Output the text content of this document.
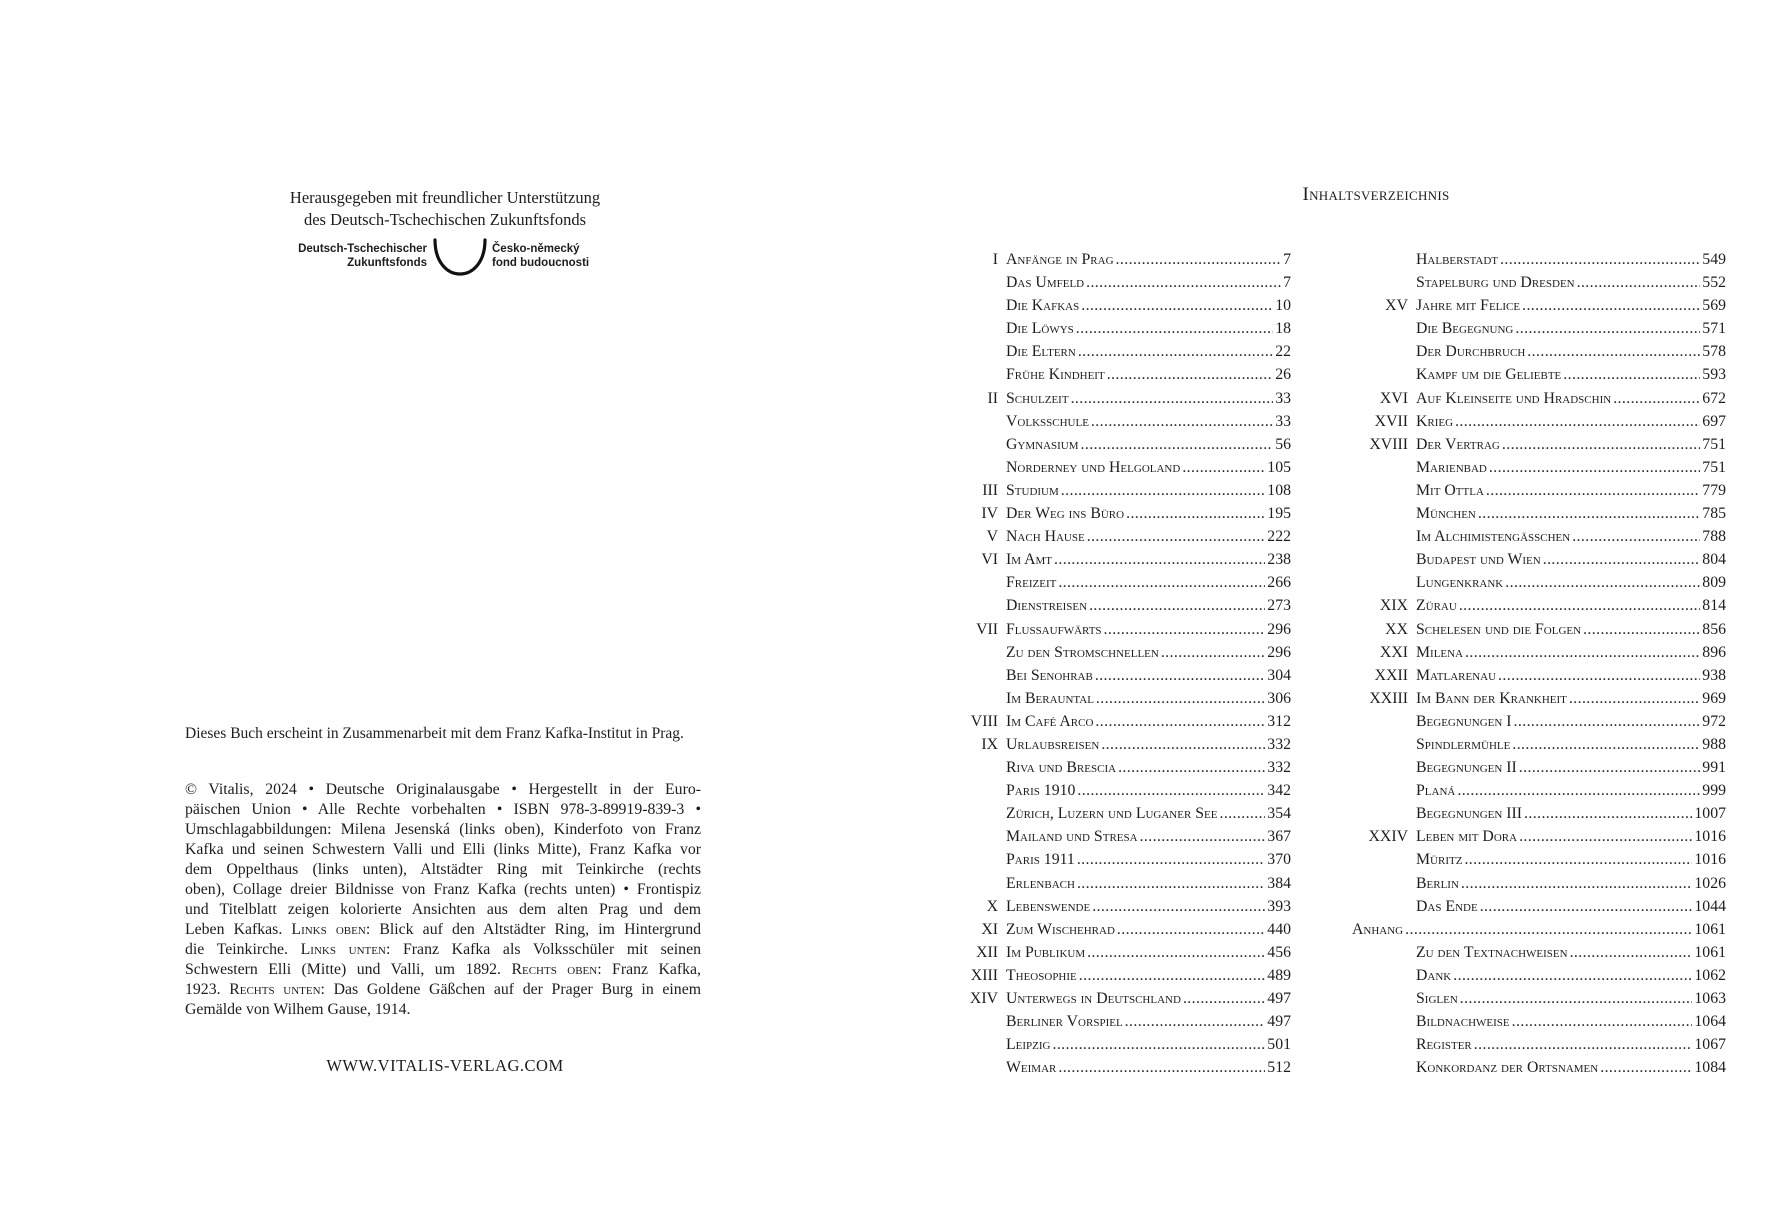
Herausgegeben mit freundlicher Unterstützung
des Deutsch-Tschechischen Zukunftsfonds
Deutsch-Tschechischer
Zukunftsfonds
Česko-německý
fond budoucnosti
Dieses Buch erscheint in Zusammenarbeit mit dem Franz Kafka-Institut in Prag.
© Vitalis, 2024 • Deutsche Originalausgabe • Hergestellt in der Euro-
päischen Union • Alle Rechte vorbehalten • ISBN 978-3-89919-839-3 •
Umschlagabbildungen: Milena Jesenská (links oben), Kinderfoto von Franz
Kafka und seinen Schwestern Valli und Elli (links Mitte), Franz Kafka vor
dem Oppelthaus (links unten), Altstädter Ring mit Teinkirche (rechts
oben), Collage dreier Bildnisse von Franz Kafka (rechts unten) • Frontispiz
und Titelblatt zeigen kolorierte Ansichten aus dem alten Prag und dem
Leben Kafkas. Links oben: Blick auf den Altstädter Ring, im Hintergrund
die Teinkirche. Links unten: Franz Kafka als Volksschüler mit seinen
Schwestern Elli (Mitte) und Valli, um 1892. Rechts oben: Franz Kafka,
1923. Rechts unten: Das Goldene Gäßchen auf der Prager Burg in einem
Gemälde von Wilhem Gause, 1914.
WWW.VITALIS-VERLAG.COM
Inhaltsverzeichnis
I Anfänge in Prag .....	7
Das Umfeld .....	7
Die Kafkas .....	10
Die Löwys .....	18
Die Eltern .....	22
Frühe Kindheit .....	26
II Schulzeit .....	33
Volksschule .....	33
Gymnasium .....	56
Norderney und Helgoland .....	105
III Studium .....	108
IV Der Weg ins Büro .....	195
V Nach Hause .....	222
VI Im Amt .....	238
Freizeit .....	266
Dienstreisen .....	273
VII Flussaufwärts .....	296
Zu den Stromschnellen .....	296
Bei Senohrab .....	304
Im Berauntal .....	306
VIII Im Café Arco .....	312
IX Urlaubsreisen .....	332
Riva und Brescia .....	332
Paris 1910 .....	342
Zürich, Luzern und Luganer See .....	354
Mailand und Stresa .....	367
Paris 1911 .....	370
Erlenbach .....	384
X Lebenswende .....	393
XI Zum Wischehrad .....	440
XII Im Publikum .....	456
XIII Theosophie .....	489
XIV Unterwegs in Deutschland .....	497
Berliner Vorspiel .....	497
Leipzig .....	501
Weimar .....	512
Halberstadt .....	549
Stapelburg und Dresden .....	552
XV Jahre mit Felice .....	569
Die Begegnung .....	571
Der Durchbruch .....	578
Kampf um die Geliebte .....	593
XVI Auf Kleinseite und Hradschin .....	672
XVII Krieg .....	697
XVIII Der Vertrag .....	751
Marienbad .....	751
Mit Ottla .....	779
München .....	785
Im Alchimistengässchen .....	788
Budapest und Wien .....	804
Lungenkrank .....	809
XIX Zürau .....	814
XX Schelesen und die Folgen .....	856
XXI Milena .....	896
XXII Matlarenau .....	938
XXIII Im Bann der Krankheit .....	969
Begegnungen I .....	972
Spindlermühle .....	988
Begegnungen II .....	991
Planá .....	999
Begegnungen III .....	1007
XXIV Leben mit Dora .....	1016
Müritz .....	1016
Berlin .....	1026
Das Ende .....	1044
Anhang .....	1061
Zu den Textnachweisen .....	1061
Dank .....	1062
Siglen .....	1063
Bildnachweise .....	1064
Register .....	1067
Konkordanz der Ortsnamen .....	1084
